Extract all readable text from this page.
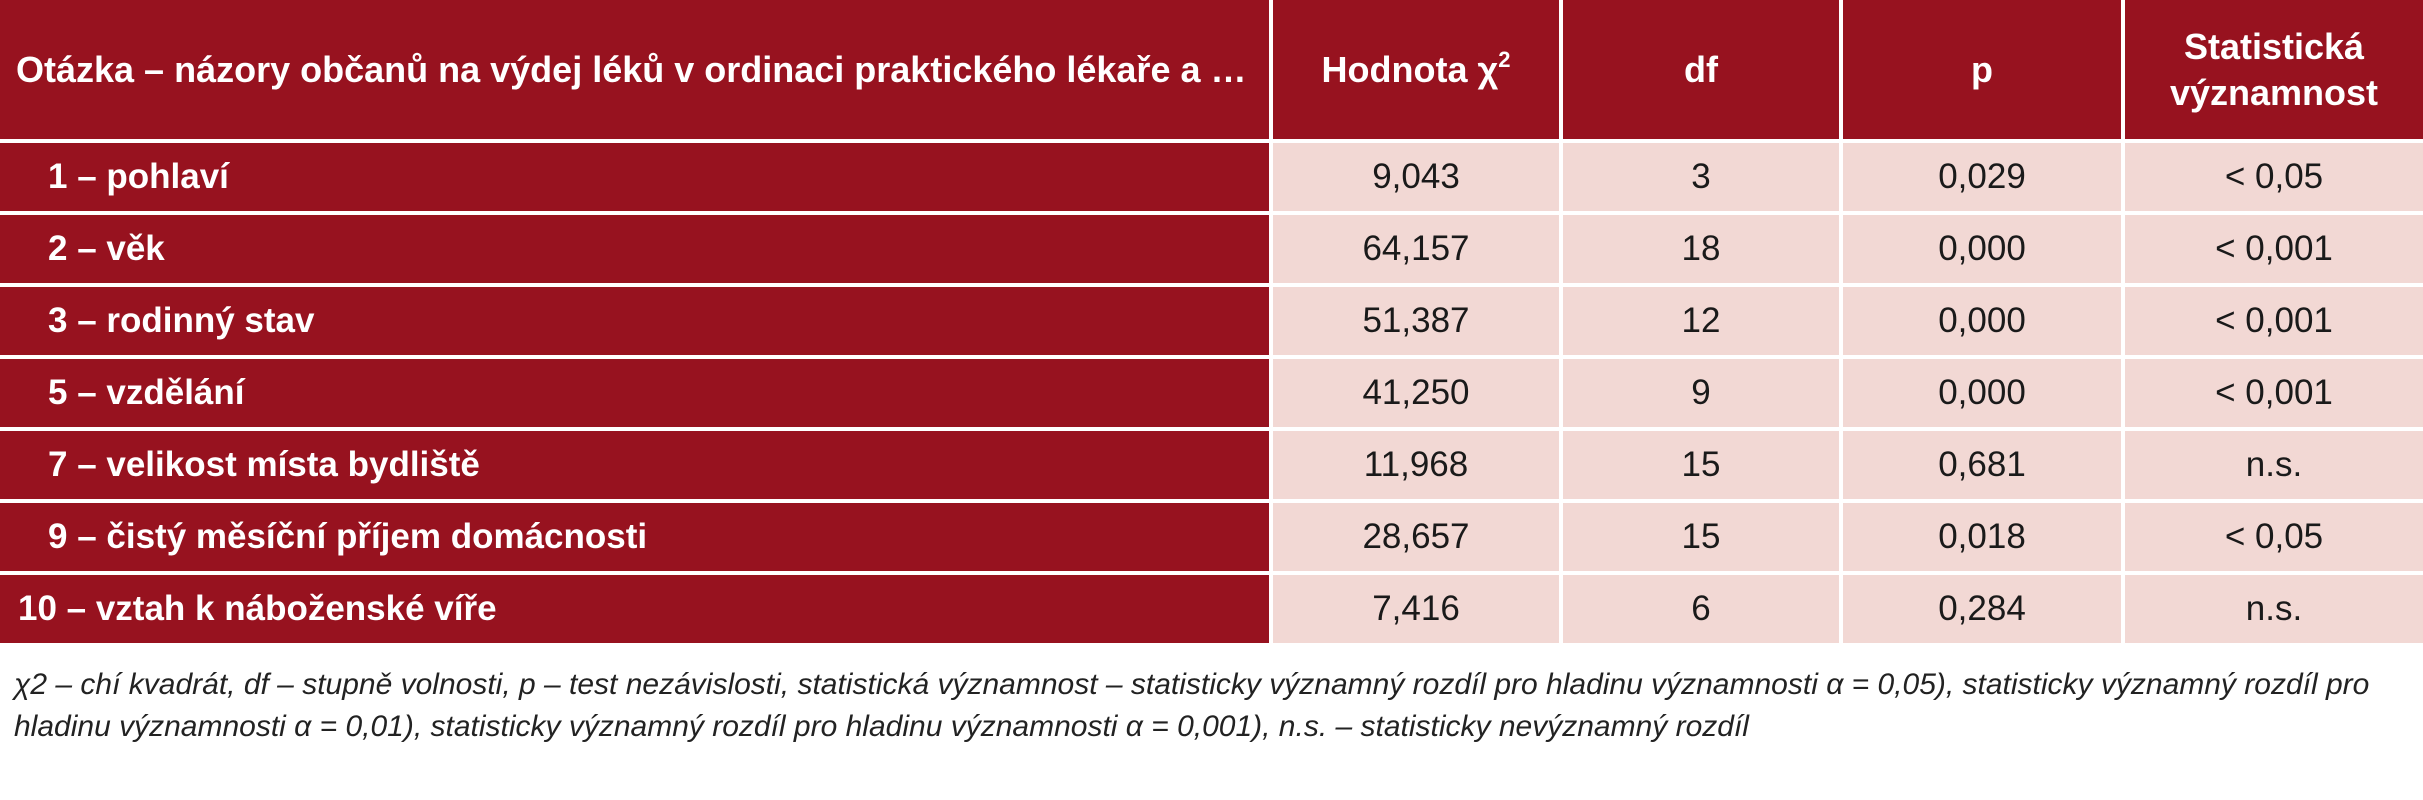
Otázka – názory občanů na výdej léků v ordinaci praktického lékaře a …	Hodnota $\chi^2$	df	p	Statistická významnost
1 – pohlaví	9,043	3	0,029	< 0,05
2 – věk	64,157	18	0,000	< 0,001
3 – rodinný stav	51,387	12	0,000	< 0,001
5 – vzdělání	41,250	9	0,000	< 0,001
7 – velikost místa bydliště	11,968	15	0,681	n.s.
9 – čistý měsíční příjem domácnosti	28,657	15	0,018	< 0,05
10 – vztah k náboženské víře	7,416	6	0,284	n.s.

χ2 – chí kvadrát, df – stupně volnosti, p – test nezávislosti, statistická významnost – statisticky významný rozdíl pro hladinu významnosti α = 0,05), statisticky významný rozdíl pro hladinu významnosti α = 0,01), statisticky významný rozdíl pro hladinu významnosti α = 0,001), n.s. – statisticky nevýznamný rozdíl
